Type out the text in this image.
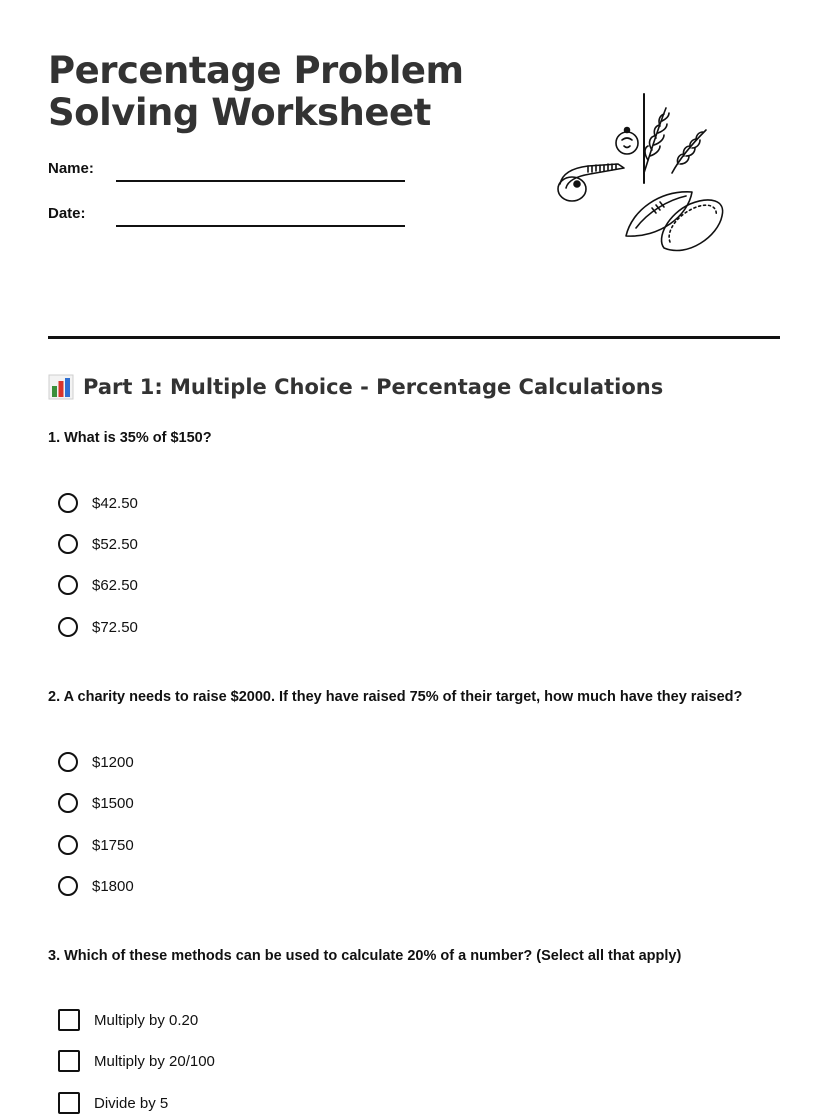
Percentage Problem
Solving Worksheet
Name:
Date:
Part 1: Multiple Choice - Percentage Calculations
1. What is 35% of $150?
$42.50
$52.50
$62.50
$72.50
2. A charity needs to raise $2000. If they have raised 75% of their target, how much have they raised?
$1200
$1500
$1750
$1800
3. Which of these methods can be used to calculate 20% of a number? (Select all that apply)
Multiply by 0.20
Multiply by 20/100
Divide by 5
